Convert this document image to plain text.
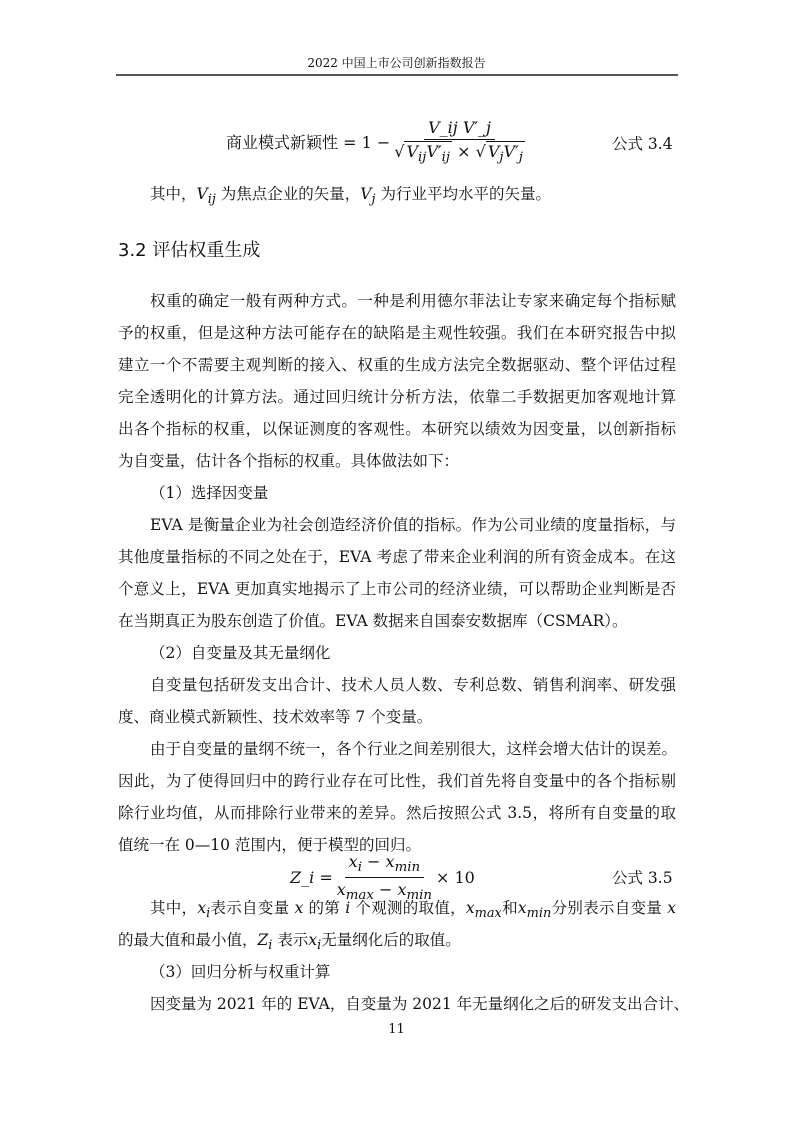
2022 中国上市公司创新指数报告
商业模式新颖性 = $1 - \frac{\text{V\_ij V′\_j}}{√ V_{ij}V'_{ij} \times √ V_jV'_j}$	公式 3.4
其中，$V_{ij}$ 为焦点企业的矢量，$V_j$ 为行业平均水平的矢量。
3.2 评估权重生成
权重的确定一般有两种方式。一种是利用德尔菲法让专家来确定每个指标赋
予的权重，但是这种方法可能存在的缺陷是主观性较强。我们在本研究报告中拟
建立一个不需要主观判断的接入、权重的生成方法完全数据驱动、整个评估过程
完全透明化的计算方法。通过回归统计分析方法，依靠二手数据更加客观地计算
出各个指标的权重，以保证测度的客观性。本研究以绩效为因变量，以创新指标
为自变量，估计各个指标的权重。具体做法如下：
（1）选择因变量
EVA 是衡量企业为社会创造经济价值的指标。作为公司业绩的度量指标，与
其他度量指标的不同之处在于，EVA 考虑了带来企业利润的所有资金成本。在这
个意义上，EVA 更加真实地揭示了上市公司的经济业绩，可以帮助企业判断是否
在当期真正为股东创造了价值。EVA 数据来自国泰安数据库（CSMAR）。
（2）自变量及其无量纲化
自变量包括研发支出合计、技术人员人数、专利总数、销售利润率、研发强
度、商业模式新颖性、技术效率等 7 个变量。
由于自变量的量纲不统一，各个行业之间差别很大，这样会增大估计的误差。
因此，为了使得回归中的跨行业存在可比性，我们首先将自变量中的各个指标剔
除行业均值，从而排除行业带来的差异。然后按照公式 3.5，将所有自变量的取
值统一在 0—10 范围内，便于模型的回归。
Z_i = $\frac{x_i - x_{min}}{x_{max} - x_{min}} \times 10$	公式 3.5
其中，$x_i$表示自变量 x 的第 i 个观测的取值，$x_{max}$和$x_{min}$分别表示自变量 x
的最大值和最小值，$Z_i$ 表示$x_i$无量纲化后的取值。
（3）回归分析与权重计算
因变量为 2021 年的 EVA，自变量为 2021 年无量纲化之后的研发支出合计、
11
